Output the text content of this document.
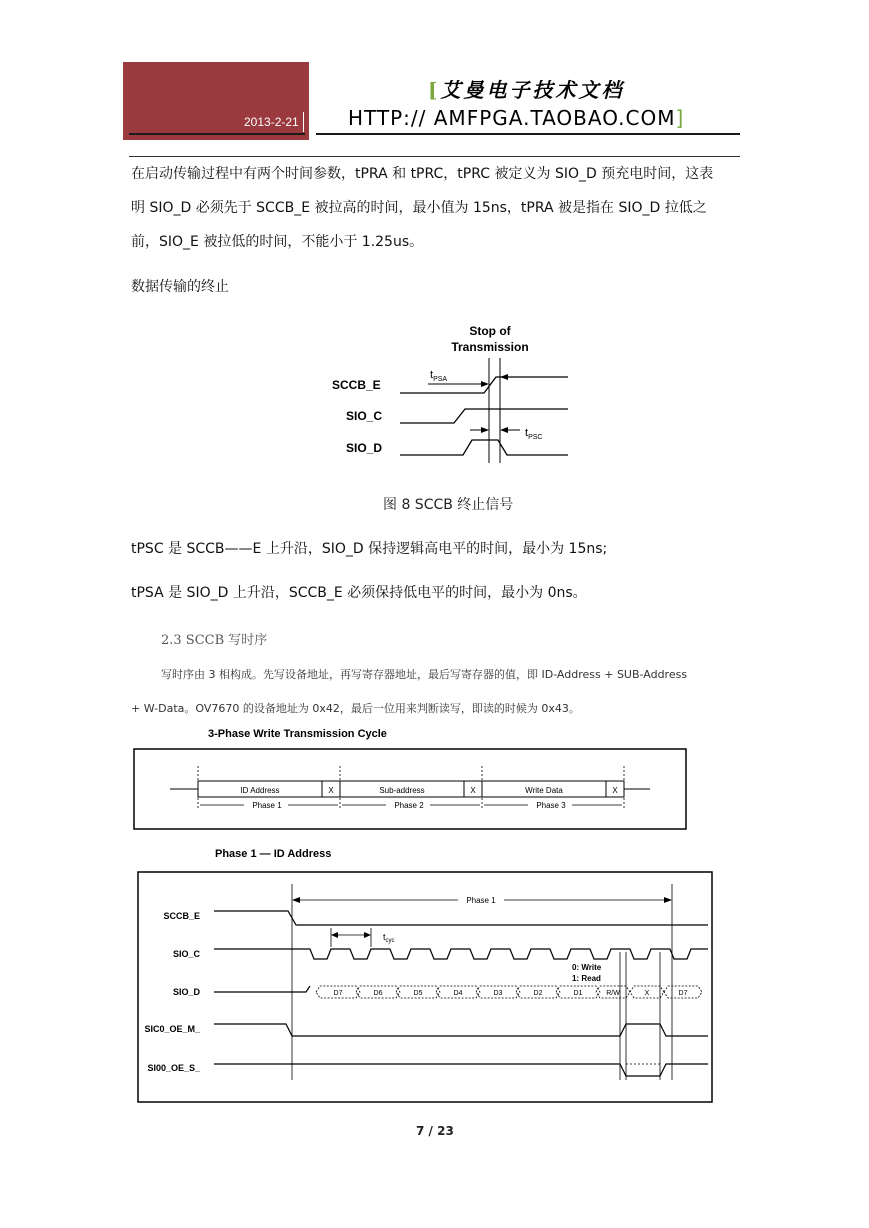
2013-2-21
[艾曼电子技术文档
HTTP:// AMFPGA.TAOBAO.COM]
在启动传输过程中有两个时间参数，tPRA 和 tPRC，tPRC 被定义为 SIO_D 预充电时间，这表
明 SIO_D 必须先于 SCCB_E 被拉高的时间，最小值为 15ns，tPRA 被是指在 SIO_D 拉低之
前，SIO_E 被拉低的时间，不能小于 1.25us。
数据传输的终止
Stop of
Transmission
SCCB_E
SIO_C
SIO_D
$t_{PSA}$
$t_{PSC}$
图 8 SCCB 终止信号
tPSC 是 SCCB——E 上升沿，SIO_D 保持逻辑高电平的时间，最小为 15ns;
tPSA 是 SIO_D 上升沿，SCCB_E 必须保持低电平的时间，最小为 0ns。
2.3 SCCB 写时序
写时序由 3 相构成。先写设备地址，再写寄存器地址，最后写寄存器的值，即 ID-Address + SUB-Address
+ W-Data。OV7670 的设备地址为 0x42，最后一位用来判断读写，即读的时候为 0x43。
3-Phase Write Transmission Cycle
ID Address	X	Sub-address	X	Write Data	X
Phase 1	Phase 2	Phase 3
Phase 1 — ID Address
SCCB_E
SIO_C
SIO_D
SIC0_OE_M_
SI00_OE_S_
Phase 1
$t_{cyc}$
0: Write
1: Read
D7	D6	D5	D4	D3	D2	D1	R/W	X	D7
7 / 23
